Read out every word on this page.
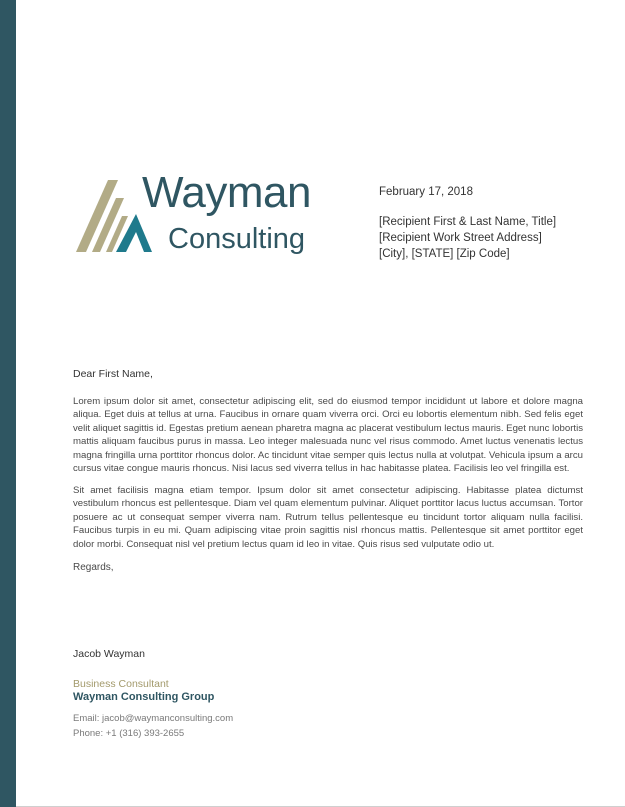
Wayman
Consulting
February 17, 2018
[Recipient First & Last Name, Title]
[Recipient Work Street Address]
[City], [STATE] [Zip Code]

Dear First Name,

Lorem ipsum dolor sit amet, consectetur adipiscing elit, sed do eiusmod tempor incididunt ut labore et dolore magna aliqua. Eget duis at tellus at urna. Faucibus in ornare quam viverra orci. Orci eu lobortis elementum nibh. Sed felis eget velit aliquet sagittis id. Egestas pretium aenean pharetra magna ac placerat vestibulum lectus mauris. Eget nunc lobortis mattis aliquam faucibus purus in massa. Leo integer malesuada nunc vel risus commodo. Amet luctus venenatis lectus magna fringilla urna porttitor rhoncus dolor. Ac tincidunt vitae semper quis lectus nulla at volutpat. Vehicula ipsum a arcu cursus vitae congue mauris rhoncus. Nisi lacus sed viverra tellus in hac habitasse platea. Facilisis leo vel fringilla est.

Sit amet facilisis magna etiam tempor. Ipsum dolor sit amet consectetur adipiscing. Habitasse platea dictumst vestibulum rhoncus est pellentesque. Diam vel quam elementum pulvinar. Aliquet porttitor lacus luctus accumsan. Tortor posuere ac ut consequat semper viverra nam. Rutrum tellus pellentesque eu tincidunt tortor aliquam nulla facilisi. Faucibus turpis in eu mi. Quam adipiscing vitae proin sagittis nisl rhoncus mattis. Pellentesque sit amet porttitor eget dolor morbi. Consequat nisl vel pretium lectus quam id leo in vitae. Quis risus sed vulputate odio ut.

Regards,

Jacob Wayman
Business Consultant
Wayman Consulting Group
Email: jacob@waymanconsulting.com
Phone: +1 (316) 393-2655
